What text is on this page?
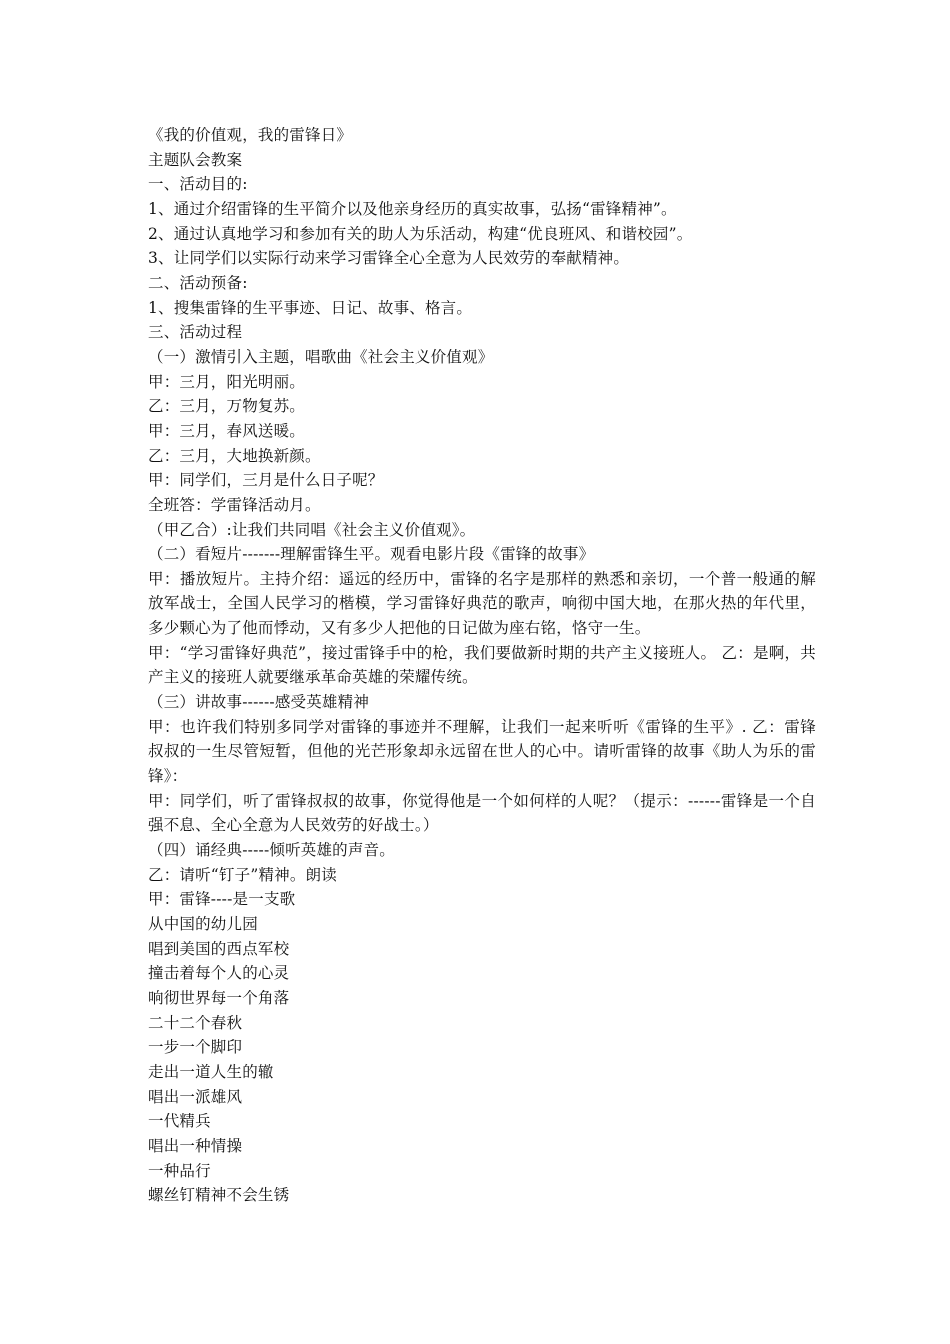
《我的价值观，我的雷锋日》
主题队会教案
一、活动目的:
1、通过介绍雷锋的生平简介以及他亲身经历的真实故事，弘扬“雷锋精神”。
2、通过认真地学习和参加有关的助人为乐活动，构建“优良班风、和谐校园”。
3、让同学们以实际行动来学习雷锋全心全意为人民效劳的奉献精神。
二、活动预备:
1、搜集雷锋的生平事迹、日记、故事、格言。
三、活动过程
（一）激情引入主题，唱歌曲《社会主义价值观》
甲：三月，阳光明丽。
乙：三月，万物复苏。
甲：三月，春风送暖。
乙：三月，大地换新颜。
甲：同学们，三月是什么日子呢？
全班答：学雷锋活动月。
（甲乙合）:让我们共同唱《社会主义价值观》。
（二）看短片-------理解雷锋生平。观看电影片段《雷锋的故事》
甲：播放短片。主持介绍：遥远的经历中，雷锋的名字是那样的熟悉和亲切，一个普一般通的解放军战士，全国人民学习的楷模，学习雷锋好典范的歌声，响彻中国大地，在那火热的年代里，多少颗心为了他而悸动，又有多少人把他的日记做为座右铭，恪守一生。
甲：“学习雷锋好典范”，接过雷锋手中的枪，我们要做新时期的共产主义接班人。 乙：是啊，共产主义的接班人就要继承革命英雄的荣耀传统。
（三）讲故事------感受英雄精神
甲：也许我们特别多同学对雷锋的事迹并不理解，让我们一起来听听《雷锋的生平》. 乙：雷锋叔叔的一生尽管短暂，但他的光芒形象却永远留在世人的心中。请听雷锋的故事《助人为乐的雷锋》：
甲：同学们，听了雷锋叔叔的故事，你觉得他是一个如何样的人呢？（提示：------雷锋是一个自强不息、全心全意为人民效劳的好战士。）
（四）诵经典-----倾听英雄的声音。
乙：请听“钉子”精神。朗读
甲：雷锋----是一支歌
从中国的幼儿园
唱到美国的西点军校
撞击着每个人的心灵
响彻世界每一个角落
二十二个春秋
一步一个脚印
走出一道人生的辙
唱出一派雄风
一代精兵
唱出一种情操
一种品行
螺丝钉精神不会生锈
